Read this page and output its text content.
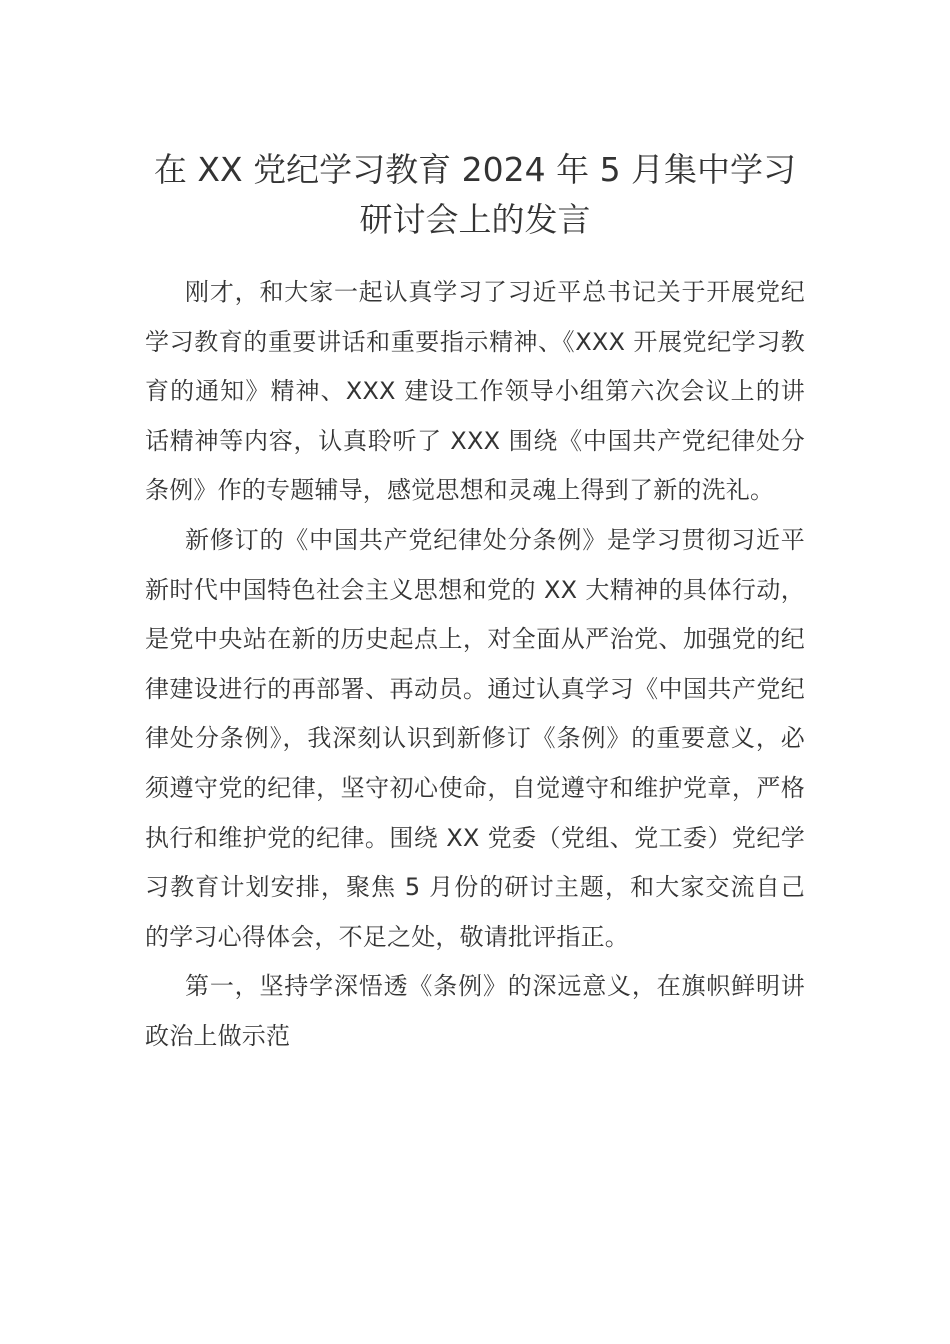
在 XX 党纪学习教育 2024 年 5 月集中学习
研讨会上的发言

刚才，和大家一起认真学习了习近平总书记关于开展党纪学习教育的重要讲话和重要指示精神、《XXX 开展党纪学习教育的通知》精神、XXX 建设工作领导小组第六次会议上的讲话精神等内容，认真聆听了 XXX 围绕《中国共产党纪律处分条例》作的专题辅导，感觉思想和灵魂上得到了新的洗礼。

新修订的《中国共产党纪律处分条例》是学习贯彻习近平新时代中国特色社会主义思想和党的 XX 大精神的具体行动，是党中央站在新的历史起点上，对全面从严治党、加强党的纪律建设进行的再部署、再动员。通过认真学习《中国共产党纪律处分条例》，我深刻认识到新修订《条例》的重要意义，必须遵守党的纪律，坚守初心使命，自觉遵守和维护党章，严格执行和维护党的纪律。围绕 XX 党委（党组、党工委）党纪学习教育计划安排，聚焦 5 月份的研讨主题，和大家交流自己的学习心得体会，不足之处，敬请批评指正。

第一，坚持学深悟透《条例》的深远意义，在旗帜鲜明讲政治上做示范
